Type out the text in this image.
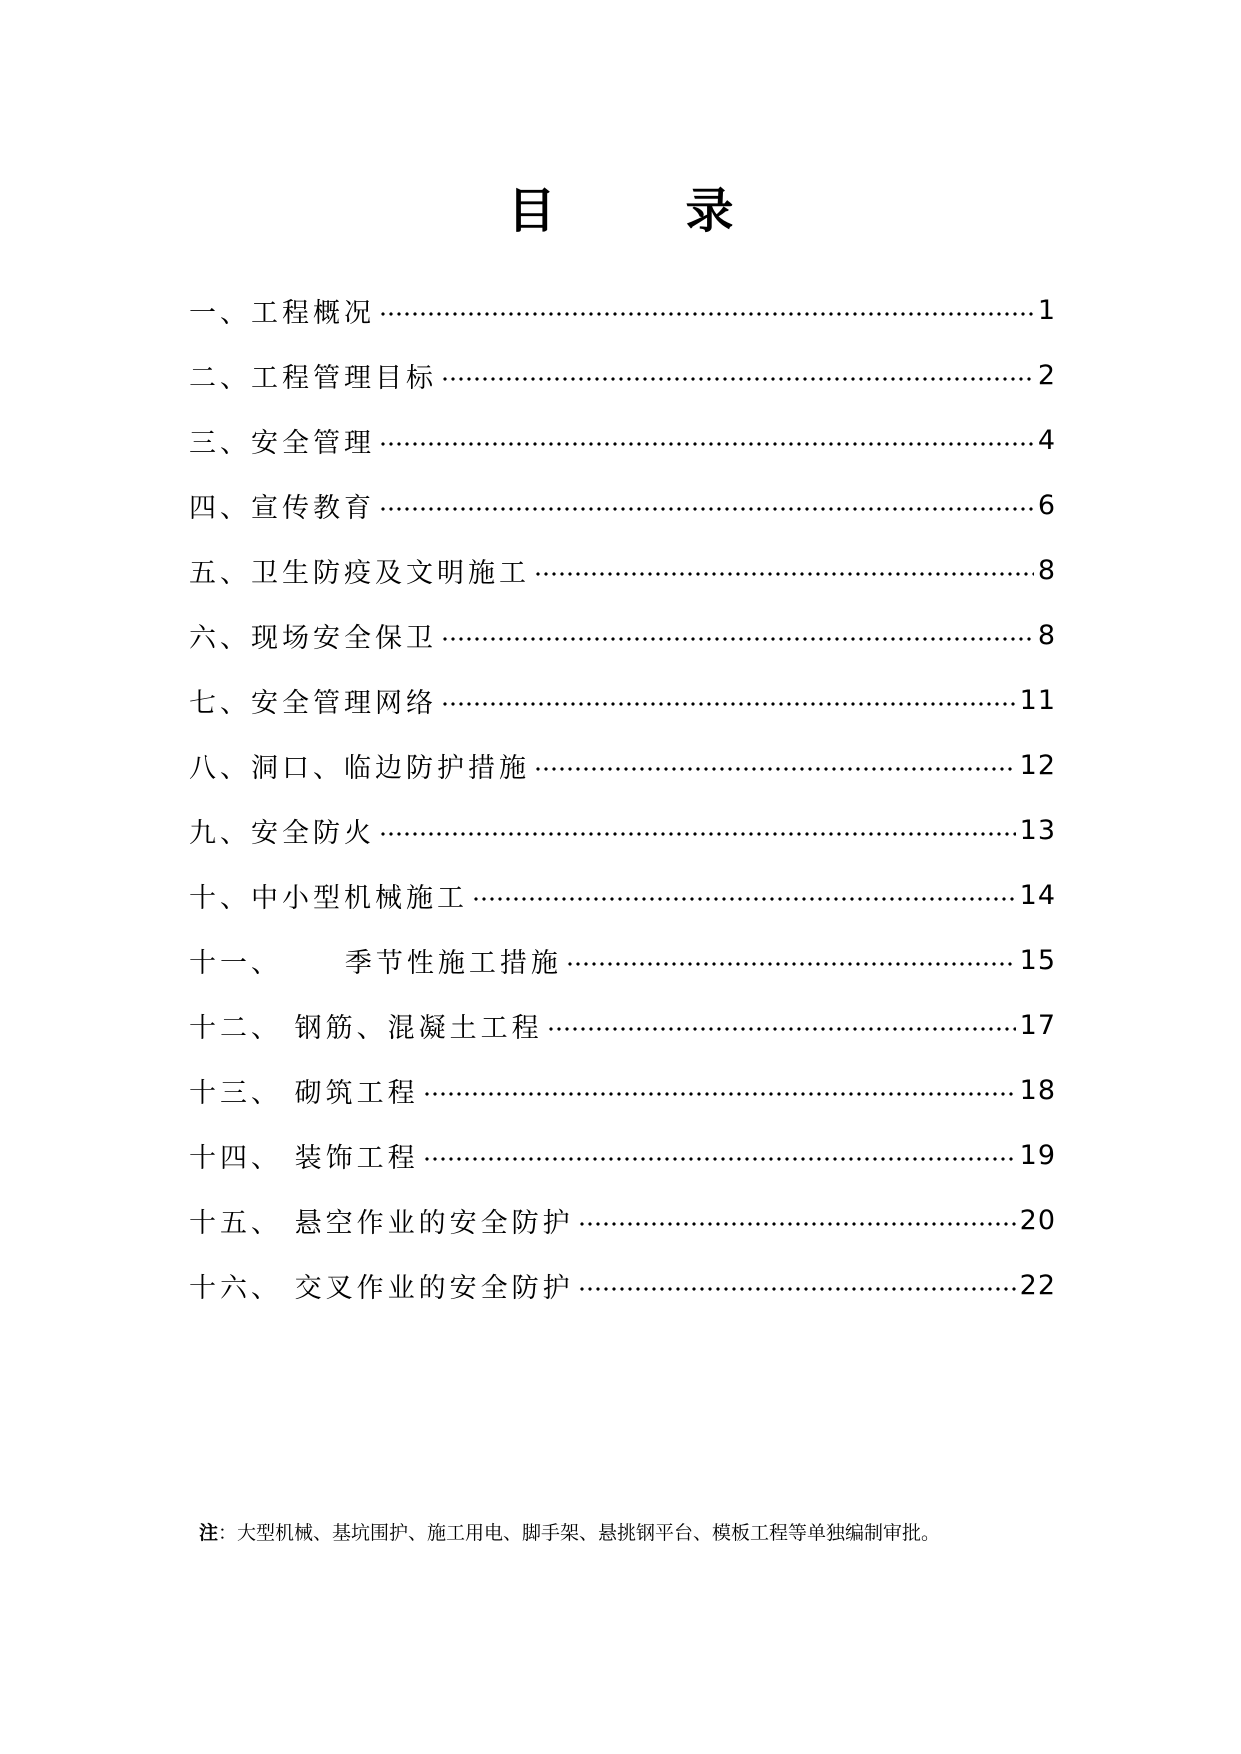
目	录
一、 工程概况	1
二、 工程管理目标	2
三、 安全管理	4
四、 宣传教育	6
五、 卫生防疫及文明施工	8
六、 现场安全保卫	8
七、 安全管理网络	11
八、 洞口、临边防护措施	12
九、 安全防火	13
十、 中小型机械施工	14
十一、 季节性施工措施	15
十二、 钢筋、混凝土工程	17
十三、 砌筑工程	18
十四、 装饰工程	19
十五、 悬空作业的安全防护	20
十六、 交叉作业的安全防护	22
注：大型机械、基坑围护、施工用电、脚手架、悬挑钢平台、模板工程等单独编制审批。
